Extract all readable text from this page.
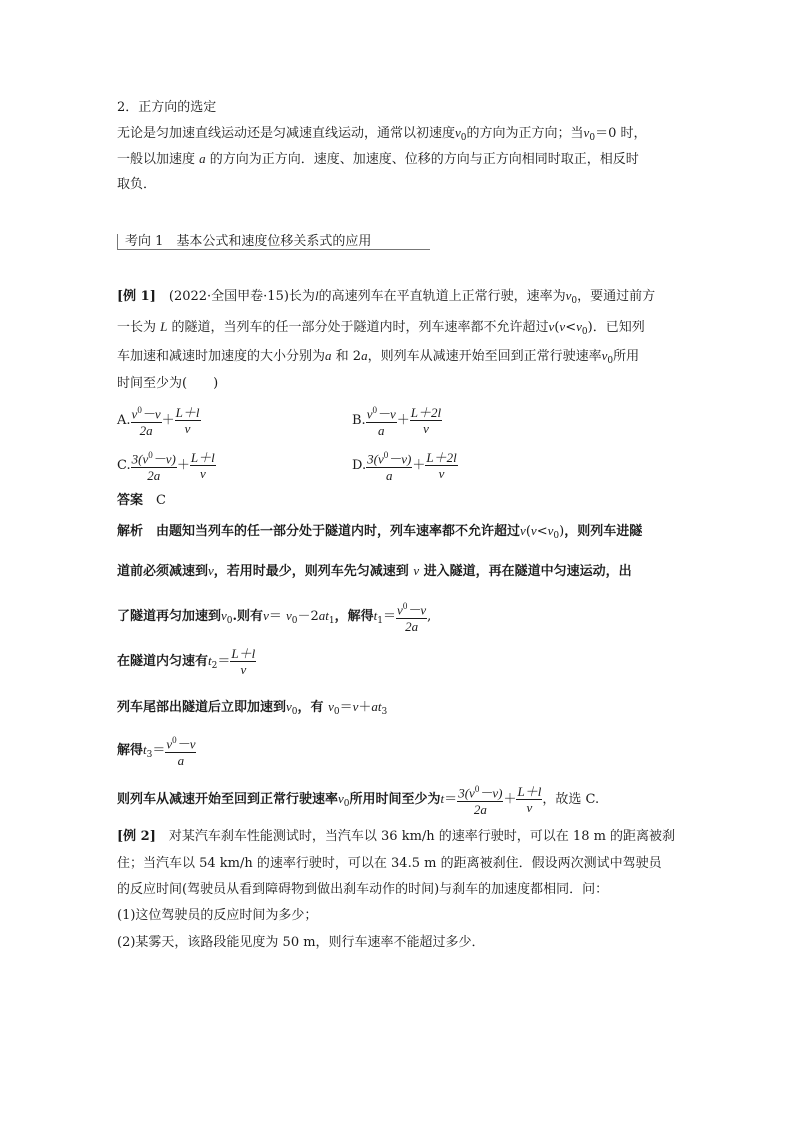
2．正方向的选定
无论是匀加速直线运动还是匀减速直线运动，通常以初速度$v_0$的方向为正方向；当$v_0=0$ 时，
一般以加速度 a 的方向为正方向．速度、加速度、位移的方向与正方向相同时取正，相反时
取负．
考向 1　基本公式和速度位移关系式的应用
[例 1]　 (2022·全国甲卷·15)长为l的高速列车在平直轨道上正常行驶，速率为$v_0$，要通过前方
一长为 L 的隧道，当列车的任一部分处于隧道内时，列车速率都不允许超过$v(v<v_0)$．已知列
车加速和减速时加速度的大小分别为a 和 2a，则列车从减速开始至回到正常行驶速率$v_0$所用
时间至少为(　　)
A. $\frac{v^0-v}{2a} + \frac{L+l}{v}$	B. $\frac{v^0-v}{a} + \frac{L+2l}{v}$
C. $\frac{3(v^0-v)}{2a} + \frac{L+l}{v}$	D. $\frac{3(v^0-v)}{a} + \frac{L+2l}{v}$
答案　 C
解析　 由题知当列车的任一部分处于隧道内时，列车速率都不允许超过$v(v<v_0)$，则列车进隧
道前必须减速到v，若用时最少，则列车先匀减速到 v 进入隧道，再在隧道中匀速运动，出
了隧道再匀加速到$v_0$.则有$v= v_0-2at_1$，解得$t_1= \frac{v^0-v}{2a}$ ,
在隧道内匀速有$t_2= \frac{L+l}{v}$
列车尾部出隧道后立即加速到$v_0$，有 $v_0=v+at_3$
解得$t_3= \frac{v^0-v}{a}$
则列车从减速开始至回到正常行驶速率$v_0$所用时间至少为$t= \frac{3(v^0-v)}{2a} + \frac{L+l}{v}$ ，故选 C.
[例 2]　 对某汽车刹车性能测试时，当汽车以 36 km/h 的速率行驶时，可以在 18 m 的距离被刹
住；当汽车以 54 km/h 的速率行驶时，可以在 34.5 m 的距离被刹住．假设两次测试中驾驶员
的反应时间(驾驶员从看到障碍物到做出刹车动作的时间)与刹车的加速度都相同．问：
(1)这位驾驶员的反应时间为多少；
(2)某雾天，该路段能见度为 50 m，则行车速率不能超过多少．
